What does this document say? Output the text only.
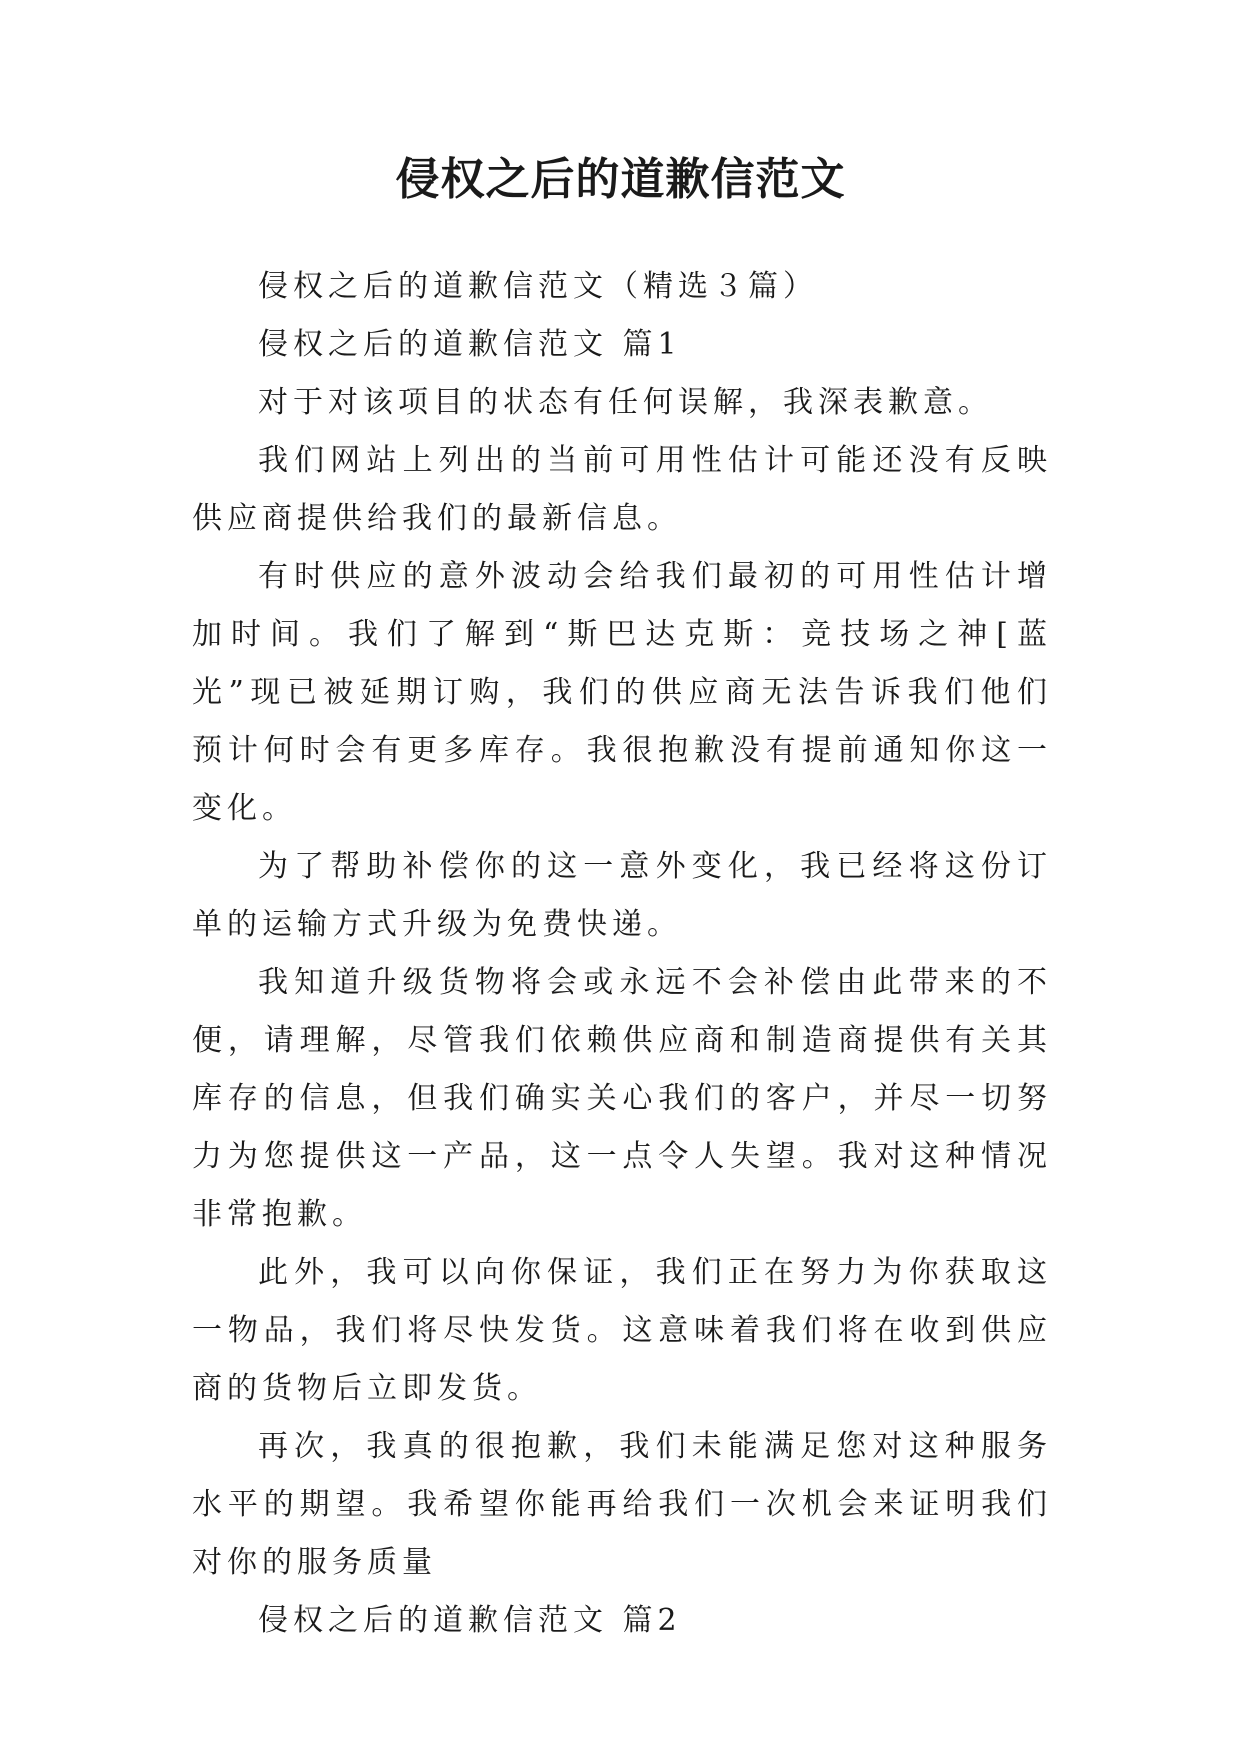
侵权之后的道歉信范文

侵权之后的道歉信范文（精选３篇）

侵权之后的道歉信范文 篇1

对于对该项目的状态有任何误解，我深表歉意。

我们网站上列出的当前可用性估计可能还没有反映供应商提供给我们的最新信息。

有时供应的意外波动会给我们最初的可用性估计增加时间。我们了解到“斯巴达克斯：竞技场之神[蓝光”现已被延期订购，我们的供应商无法告诉我们他们预计何时会有更多库存。我很抱歉没有提前通知你这一变化。

为了帮助补偿你的这一意外变化，我已经将这份订单的运输方式升级为免费快递。

我知道升级货物将会或永远不会补偿由此带来的不便，请理解，尽管我们依赖供应商和制造商提供有关其库存的信息，但我们确实关心我们的客户，并尽一切努力为您提供这一产品，这一点令人失望。我对这种情况非常抱歉。

此外，我可以向你保证，我们正在努力为你获取这一物品，我们将尽快发货。这意味着我们将在收到供应商的货物后立即发货。

再次，我真的很抱歉，我们未能满足您对这种服务水平的期望。我希望你能再给我们一次机会来证明我们对你的服务质量

侵权之后的道歉信范文 篇2
